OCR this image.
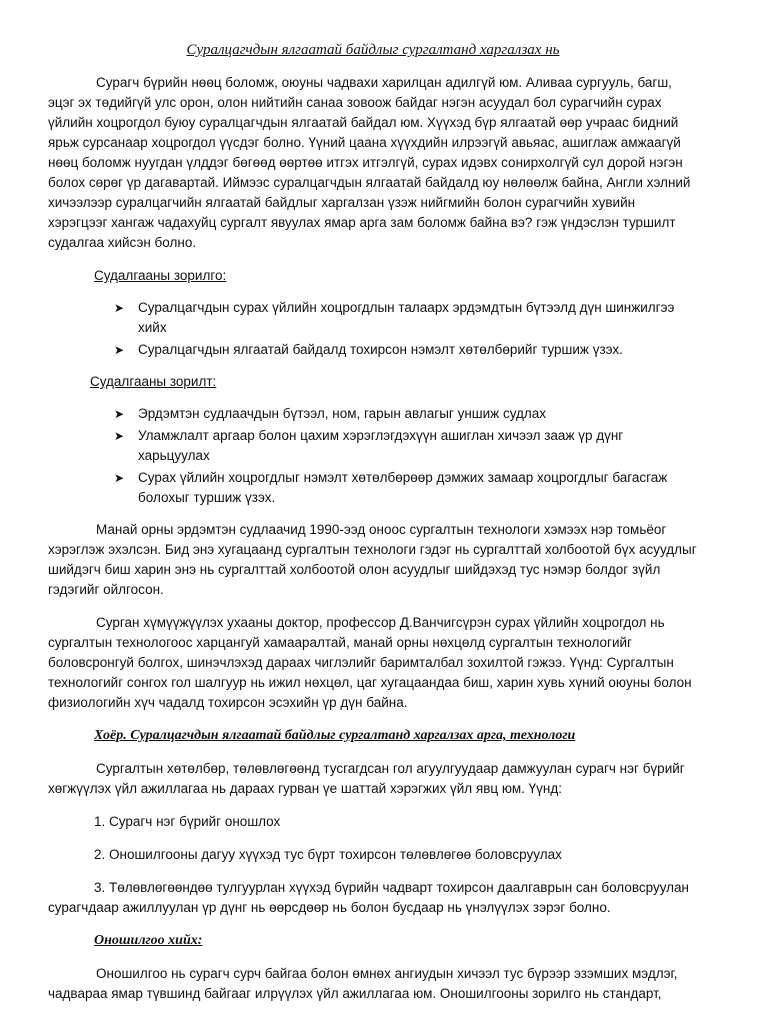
Суралцагчдын ялгаатай байдлыг сургалтанд харгалзах нь

Сурагч бүрийн нөөц боломж, оюуны чадвахи харилцан адилгүй юм. Аливаа сургууль, багш, эцэг эх төдийгүй улс орон, олон нийтийн санаа зовоож байдаг нэгэн асуудал бол сурагчийн сурах үйлийн хоцрогдол буюу суралцагчдын ялгаатай байдал юм. Хүүхэд бүр ялгаатай өөр учраас бидний ярьж сурсанаар хоцрогдол үүсдэг болно. Үүний цаана хүүхдийн илрээгүй авьяас, ашиглаж амжаагүй нөөц боломж нуугдан үлддэг бөгөөд өөртөө итгэх итгэлгүй, сурах идэвх сонирхолгүй сул дорой нэгэн болох сөрөг үр дагавартай. Иймээс суралцагчдын ялгаатай байдалд юу нөлөөлж байна, Англи хэлний хичээлээр суралцагчийн ялгаатай байдлыг харгалзан үзэж нийгмийн болон сурагчийн хувийн хэрэгцээг хангаж чадахуйц сургалт явуулах ямар арга зам боломж байна вэ? гэж үндэслэн туршилт судалгаа хийсэн болно.

Судалгааны зорилго:
➤ Суралцагчдын сурах үйлийн хоцрогдлын талаарх эрдэмдтын бүтээлд дүн шинжилгээ хийх
➤ Суралцагчдын ялгаатай байдалд тохирсон нэмэлт хөтөлбөрийг туршиж үзэх.
Судалгааны зорилт:
➤ Эрдэмтэн судлаачдын бүтээл, ном, гарын авлагыг уншиж судлах
➤ Уламжлалт аргаар болон цахим хэрэглэгдэхүүн ашиглан хичээл зааж үр дүнг харьцуулах
➤ Сурах үйлийн хоцрогдлыг нэмэлт хөтөлбөрөөр дэмжих замаар хоцрогдлыг багасгаж болохыг туршиж үзэх.

Манай орны эрдэмтэн судлаачид 1990-ээд оноос сургалтын технологи хэмээх нэр томьёог хэрэглэж эхэлсэн. Бид энэ хугацаанд сургалтын технологи гэдэг нь сургалттай холбоотой бүх асуудлыг шийдэгч биш харин энэ нь сургалттай холбоотой олон асуудлыг шийдэхэд тус нэмэр болдог зүйл гэдэгийг ойлгосон.

Сурган хүмүүжүүлэх ухааны доктор, профессор Д.Ванчигсүрэн сурах үйлийн хоцрогдол нь сургалтын технологоос харцангуй хамааралтай, манай орны нөхцөлд сургалтын технологийг боловсронгуй болгох, шинэчлэхэд дараах чиглэлийг баримталбал зохилтой гэжээ. Үүнд: Сургалтын технологийг сонгох гол шалгуур нь ижил нөхцөл, цаг хугацаандаа биш, харин хувь хүний оюуны болон физиологийн хүч чадалд тохирсон эсэхийн үр дүн байна.

Хоёр. Суралцагчдын ялгаатай байдлыг сургалтанд харгалзах арга, технологи

Сургалтын хөтөлбөр, төлөвлөгөөнд тусгагдсан гол агуулгуудаар дамжуулан сурагч нэг бүрийг хөгжүүлэх үйл ажиллагаа нь дараах гурван үе шаттай хэрэгжих үйл явц юм. Үүнд:

1. Сурагч нэг бүрийг оношлох
2. Оношилгооны дагуу хүүхэд тус бүрт тохирсон төлөвлөгөө боловсруулах

3. Төлөвлөгөөндөө тулгуурлан хүүхэд бүрийн чадварт тохирсон даалгаврын сан боловсруулан сурагчдаар ажиллуулан үр дүнг нь өөрсдөөр нь болон бусдаар нь үнэлүүлэх зэрэг болно.

Оношилгоо хийх:

Оношилгоо нь сурагч сурч байгаа болон өмнөх ангиудын хичээл тус бүрээр эзэмших мэдлэг, чадвараа ямар түвшинд байгааг илрүүлэх үйл ажиллагаа юм. Оношилгооны зорилго нь стандарт,
